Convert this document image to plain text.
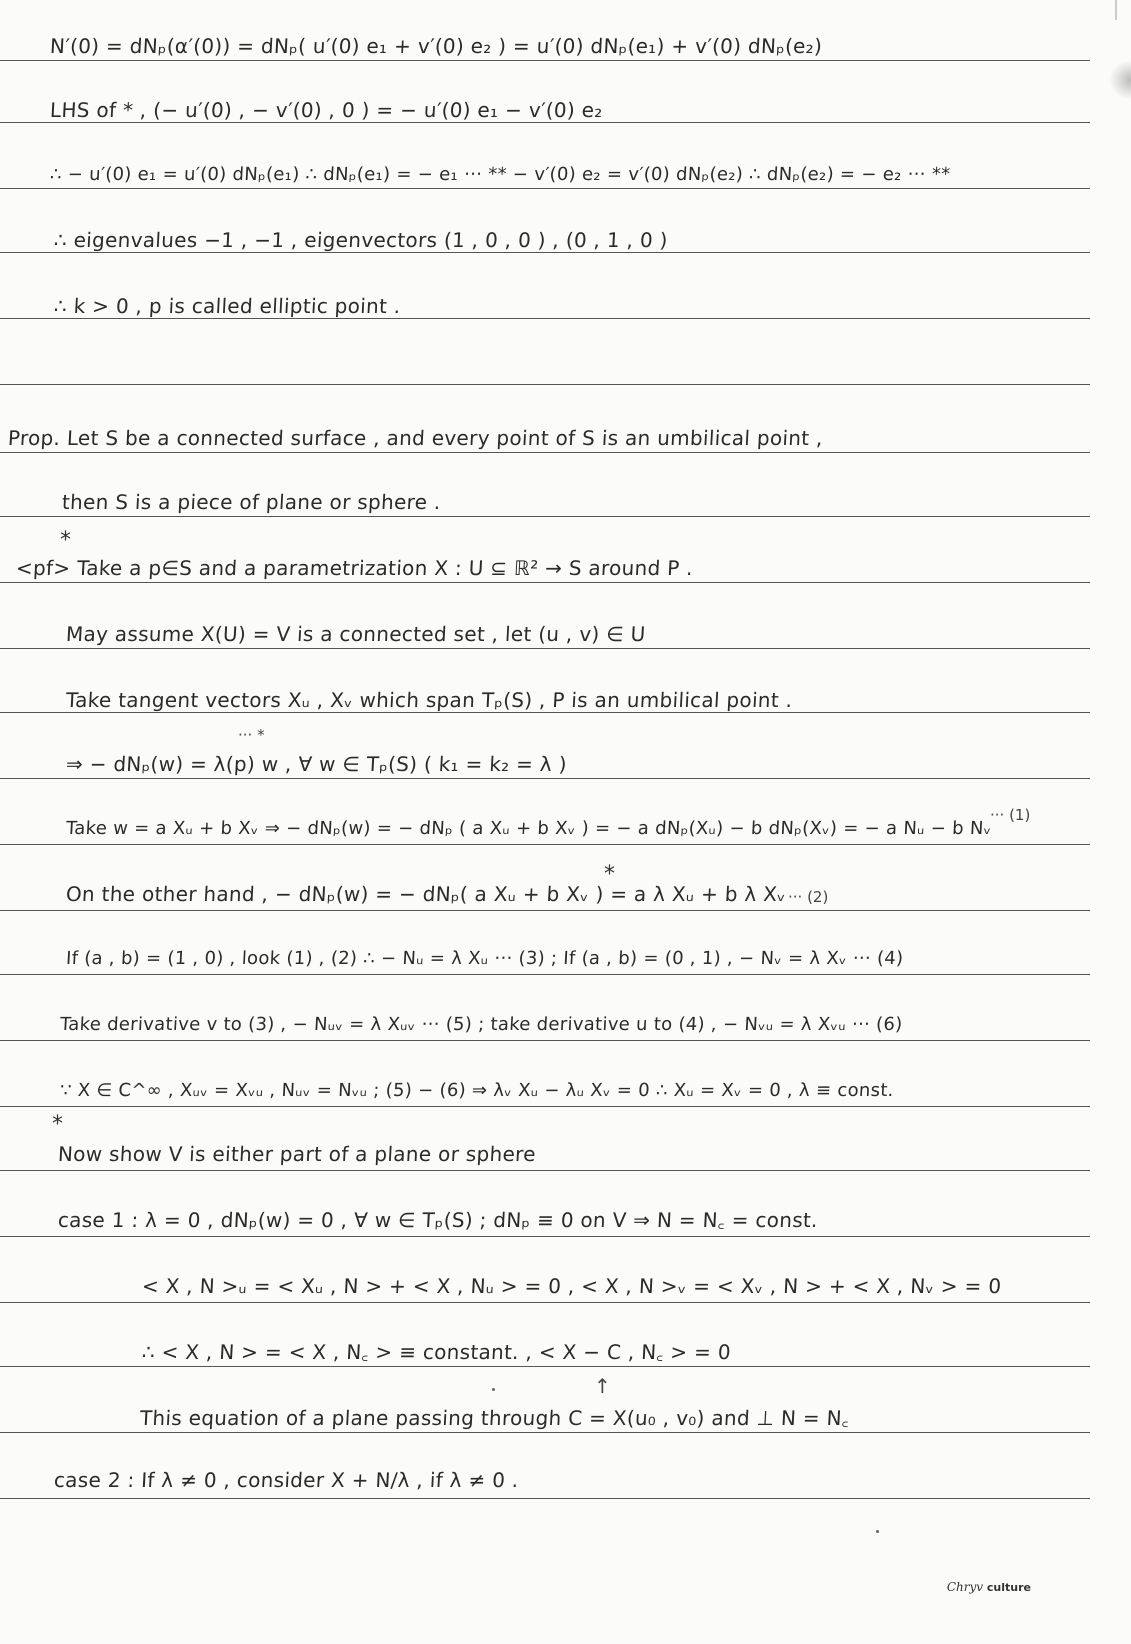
N′(0) = dNₚ(α′(0)) = dNₚ( u′(0) e₁ + v′(0) e₂ ) = u′(0) dNₚ(e₁) + v′(0) dNₚ(e₂)
LHS of * , (− u′(0) , − v′(0) , 0 ) = − u′(0) e₁ − v′(0) e₂
∴ − u′(0) e₁ = u′(0) dNₚ(e₁) ∴ dNₚ(e₁) = − e₁ ··· ** − v′(0) e₂ = v′(0) dNₚ(e₂) ∴ dNₚ(e₂) = − e₂ ··· **
∴ eigenvalues −1 , −1 , eigenvectors (1 , 0 , 0 ) , (0 , 1 , 0 )
∴ k > 0 , p is called elliptic point .
Prop. Let S be a connected surface , and every point of S is an umbilical point ,
then S is a piece of plane or sphere .
*
<pf> Take a p∈S and a parametrization X : U ⊆ ℝ² → S around P .
May assume X(U) = V is a connected set , let (u , v) ∈ U
Take tangent vectors Xᵤ , Xᵥ which span Tₚ(S) , P is an umbilical point .
··· *
⇒ − dNₚ(w) = λ(p) w , ∀ w ∈ Tₚ(S) ( k₁ = k₂ = λ )
··· (1)
Take w = a Xᵤ + b Xᵥ ⇒ − dNₚ(w) = − dNₚ ( a Xᵤ + b Xᵥ ) = − a dNₚ(Xᵤ) − b dNₚ(Xᵥ) = − a Nᵤ − b Nᵥ
*
On the other hand , − dNₚ(w) = − dNₚ( a Xᵤ + b Xᵥ ) = a λ Xᵤ + b λ Xᵥ ··· (2)
If (a , b) = (1 , 0) , look (1) , (2) ∴ − Nᵤ = λ Xᵤ ··· (3) ; If (a , b) = (0 , 1) , − Nᵥ = λ Xᵥ ··· (4)
Take derivative v to (3) , − Nᵤᵥ = λ Xᵤᵥ ··· (5) ; take derivative u to (4) , − Nᵥᵤ = λ Xᵥᵤ ··· (6)
∵ X ∈ C^∞ , Xᵤᵥ = Xᵥᵤ , Nᵤᵥ = Nᵥᵤ ; (5) − (6) ⇒ λᵥ Xᵤ − λᵤ Xᵥ = 0 ∴ Xᵤ = Xᵥ = 0 , λ ≡ const.
*
Now show V is either part of a plane or sphere
case 1 : λ = 0 , dNₚ(w) = 0 , ∀ w ∈ Tₚ(S) ; dNₚ ≡ 0 on V ⇒ N = N꜀ = const.
< X , N >ᵤ = < Xᵤ , N > + < X , Nᵤ > = 0 , < X , N >ᵥ = < Xᵥ , N > + < X , Nᵥ > = 0
∴ < X , N > = < X , N꜀ > ≡ constant. , < X − C , N꜀ > = 0
↑
This equation of a plane passing through C = X(u₀ , v₀) and ⊥ N = N꜀
case 2 : If λ ≠ 0 , consider X + N/λ , if λ ≠ 0 .
Chryv culture
